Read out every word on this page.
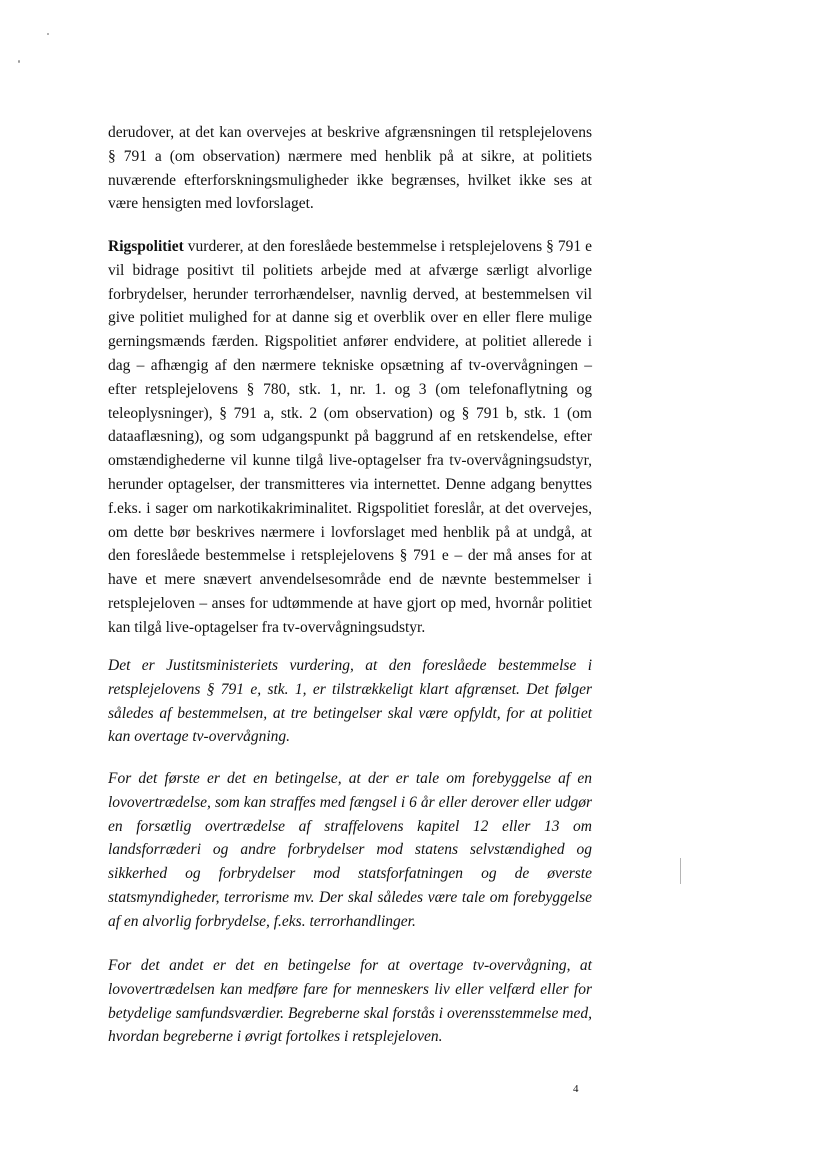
derudover, at det kan overvejes at beskrive afgrænsningen til retsplejelovens § 791 a (om observation) nærmere med henblik på at sikre, at politiets nuværende efterforskningsmuligheder ikke begrænses, hvilket ikke ses at være hensigten med lovforslaget.

Rigspolitiet vurderer, at den foreslåede bestemmelse i retsplejelovens § 791 e vil bidrage positivt til politiets arbejde med at afværge særligt alvorlige forbrydelser, herunder terrorhændelser, navnlig derved, at bestemmelsen vil give politiet mulighed for at danne sig et overblik over en eller flere mulige gerningsmænds færden. Rigspolitiet anfører endvidere, at politiet allerede i dag – afhængig af den nærmere tekniske opsætning af tv-overvågningen – efter retsplejelovens § 780, stk. 1, nr. 1. og 3 (om telefonaflytning og teleoplysninger), § 791 a, stk. 2 (om observation) og § 791 b, stk. 1 (om dataaflæsning), og som udgangspunkt på baggrund af en retskendelse, efter omstændighederne vil kunne tilgå live-optagelser fra tv-overvågningsudstyr, herunder optagelser, der transmitteres via internettet. Denne adgang benyttes f.eks. i sager om narkotikakriminalitet. Rigspolitiet foreslår, at det overvejes, om dette bør beskrives nærmere i lovforslaget med henblik på at undgå, at den foreslåede bestemmelse i retsplejelovens § 791 e – der må anses for at have et mere snævert anvendelsesområde end de nævnte bestemmelser i retsplejeloven – anses for udtømmende at have gjort op med, hvornår politiet kan tilgå live-optagelser fra tv-overvågningsudstyr.

Det er Justitsministeriets vurdering, at den foreslåede bestemmelse i retsplejelovens § 791 e, stk. 1, er tilstrækkeligt klart afgrænset. Det følger således af bestemmelsen, at tre betingelser skal være opfyldt, for at politiet kan overtage tv-overvågning.

For det første er det en betingelse, at der er tale om forebyggelse af en lovovertrædelse, som kan straffes med fængsel i 6 år eller derover eller udgør en forsætlig overtrædelse af straffelovens kapitel 12 eller 13 om landsforræderi og andre forbrydelser mod statens selvstændighed og sikkerhed og forbrydelser mod statsforfatningen og de øverste statsmyndigheder, terrorisme mv. Der skal således være tale om forebyggelse af en alvorlig forbrydelse, f.eks. terrorhandlinger.

For det andet er det en betingelse for at overtage tv-overvågning, at lovovertrædelsen kan medføre fare for menneskers liv eller velfærd eller for betydelige samfundsværdier. Begreberne skal forstås i overensstemmelse med, hvordan begreberne i øvrigt fortolkes i retsplejeloven.

4
